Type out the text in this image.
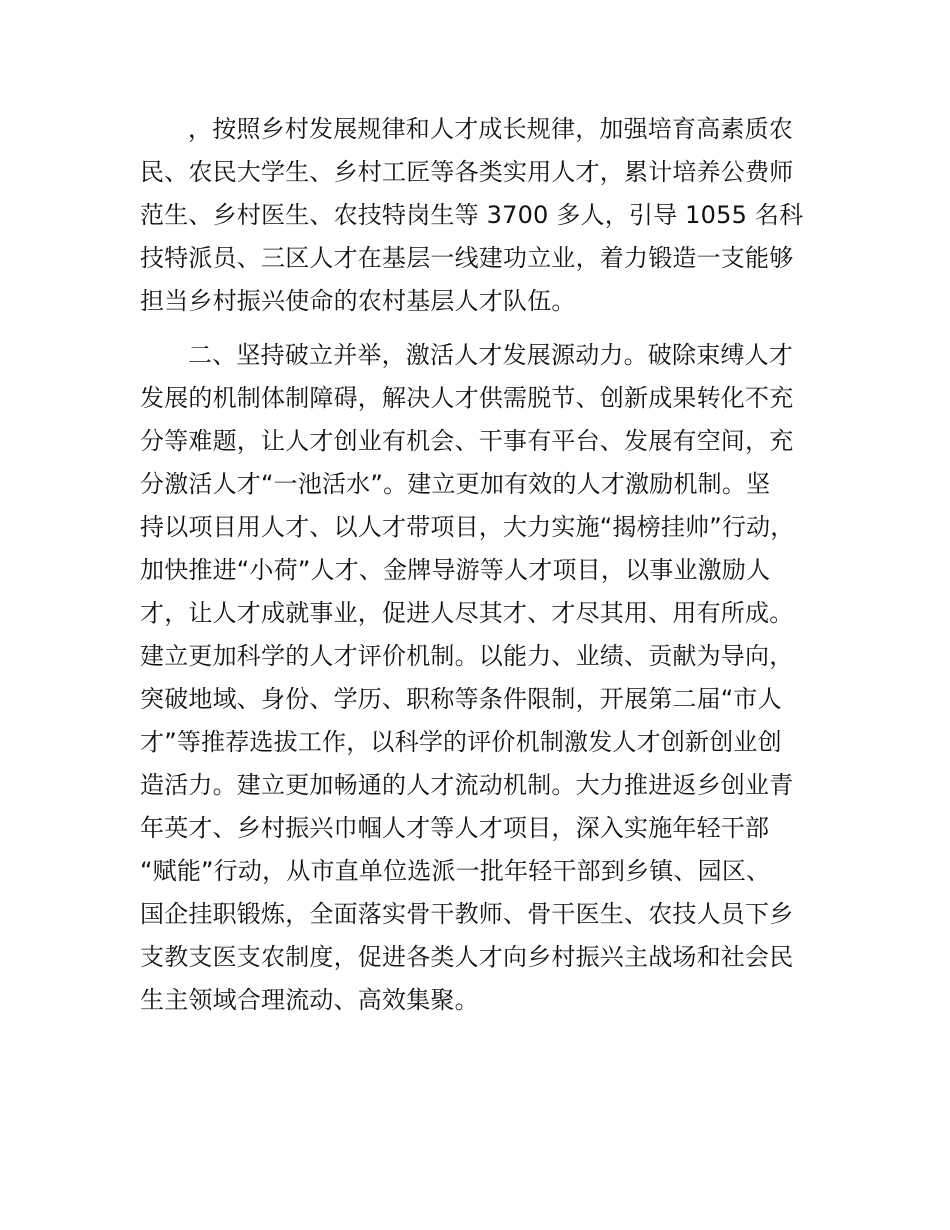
，按照乡村发展规律和人才成长规律，加强培育高素质农
民、农民大学生、乡村工匠等各类实用人才，累计培养公费师
范生、乡村医生、农技特岗生等 3700 多人，引导 1055 名科
技特派员、三区人才在基层一线建功立业，着力锻造一支能够
担当乡村振兴使命的农村基层人才队伍。
二、坚持破立并举，激活人才发展源动力。破除束缚人才
发展的机制体制障碍，解决人才供需脱节、创新成果转化不充
分等难题，让人才创业有机会、干事有平台、发展有空间，充
分激活人才“一池活水”。建立更加有效的人才激励机制。坚
持以项目用人才、以人才带项目，大力实施“揭榜挂帅”行动，
加快推进“小荷”人才、金牌导游等人才项目，以事业激励人
才，让人才成就事业，促进人尽其才、才尽其用、用有所成。
建立更加科学的人才评价机制。以能力、业绩、贡献为导向，
突破地域、身份、学历、职称等条件限制，开展第二届“市人
才”等推荐选拔工作，以科学的评价机制激发人才创新创业创
造活力。建立更加畅通的人才流动机制。大力推进返乡创业青
年英才、乡村振兴巾帼人才等人才项目，深入实施年轻干部
“赋能”行动，从市直单位选派一批年轻干部到乡镇、园区、
国企挂职锻炼，全面落实骨干教师、骨干医生、农技人员下乡
支教支医支农制度，促进各类人才向乡村振兴主战场和社会民
生主领域合理流动、高效集聚。
